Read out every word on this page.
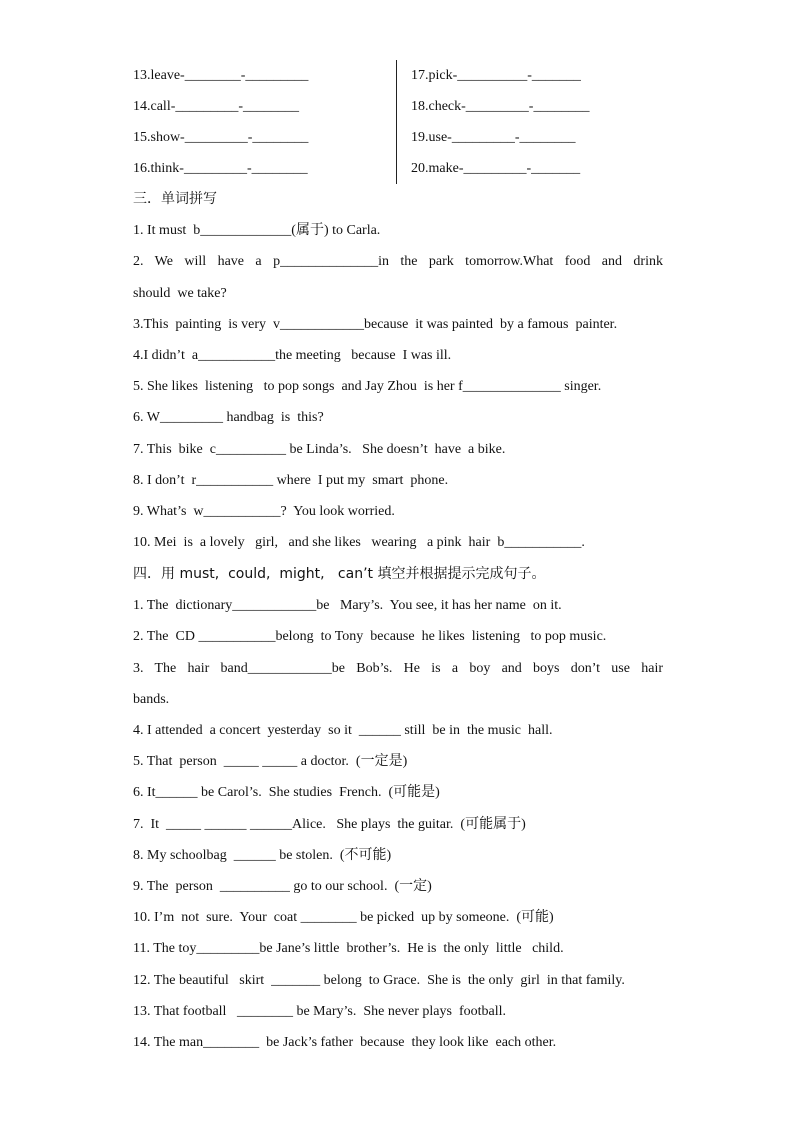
13.leave-________-_________
14.call-_________-________
15.show-_________-________
16.think-_________-________
17.pick-__________-_______
18.check-_________-________
19.use-_________-________
20.make-_________-_______
三．单词拼写
1. It must  b_____________(属于) to Carla.
2. We will have a p______________in the park tomorrow.What food and drink
should  we take?
3.This  painting  is very  v____________because  it was painted  by a famous  painter.
4.I didn’t  a___________the meeting   because  I was ill.
5. She likes  listening   to pop songs  and Jay Zhou  is her f______________ singer.
6. W_________ handbag  is  this?
7. This  bike  c__________ be Linda’s.   She doesn’t  have  a bike.
8. I don’t  r___________ where  I put my  smart  phone.
9. What’s  w___________?  You look worried.
10. Mei  is  a lovely   girl,   and she likes   wearing   a pink  hair  b___________.
四．用 must,  could,  might,   can’t 填空并根据提示完成句子。
1. The  dictionary____________be   Mary’s.  You see, it has her name  on it.
2. The  CD ___________belong  to Tony  because  he likes  listening   to pop music.
3. The hair band____________be Bob’s. He is a boy and boys don’t use hair
bands.
4. I attended  a concert  yesterday  so it  ______ still  be in  the music  hall.
5. That  person  _____ _____ a doctor.  (一定是)
6. It______ be Carol’s.  She studies  French.  (可能是)
7.  It  _____ ______ ______Alice.   She plays  the guitar.  (可能属于)
8. My schoolbag  ______ be stolen.  (不可能)
9. The  person  __________ go to our school.  (一定)
10. I’m  not  sure.  Your  coat ________ be picked  up by someone.  (可能)
11. The toy_________be Jane’s little  brother’s.  He is  the only  little   child.
12. The beautiful   skirt  _______ belong  to Grace.  She is  the only  girl  in that family.
13. That football   ________ be Mary’s.  She never plays  football.
14. The man________  be Jack’s father  because  they look like  each other.
